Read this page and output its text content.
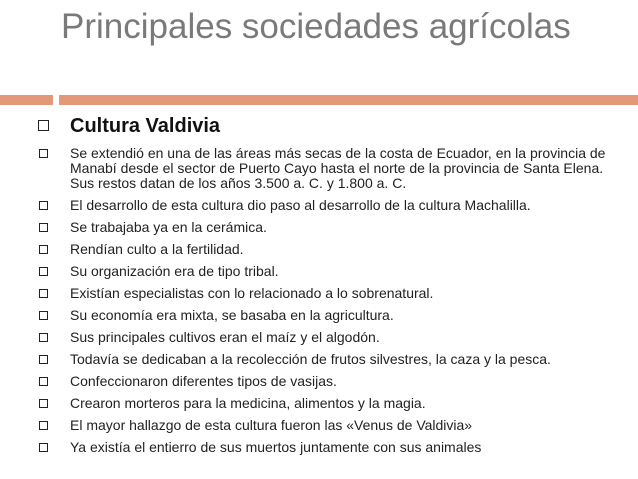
Principales sociedades agrícolas
Cultura Valdivia
Se extendió en una de las áreas más secas de la costa de Ecuador, en la provincia de Manabí desde el sector de Puerto Cayo hasta el norte de la provincia de Santa Elena. Sus restos datan de los años 3.500 a. C. y 1.800 a. C.
El desarrollo de esta cultura dio paso al desarrollo de la cultura Machalilla.
Se trabajaba ya en la cerámica.
Rendían culto a la fertilidad.
Su organización era de tipo tribal.
Existían especialistas con lo relacionado a lo sobrenatural.
Su economía era mixta, se basaba en la agricultura.
Sus principales cultivos eran el maíz y el algodón.
Todavía se dedicaban a la recolección de frutos silvestres, la caza y la pesca.
Confeccionaron diferentes tipos de vasijas.
Crearon morteros para la medicina, alimentos y la magia.
El mayor hallazgo de esta cultura fueron las «Venus de Valdivia»
Ya existía el entierro de sus muertos juntamente con sus animales
